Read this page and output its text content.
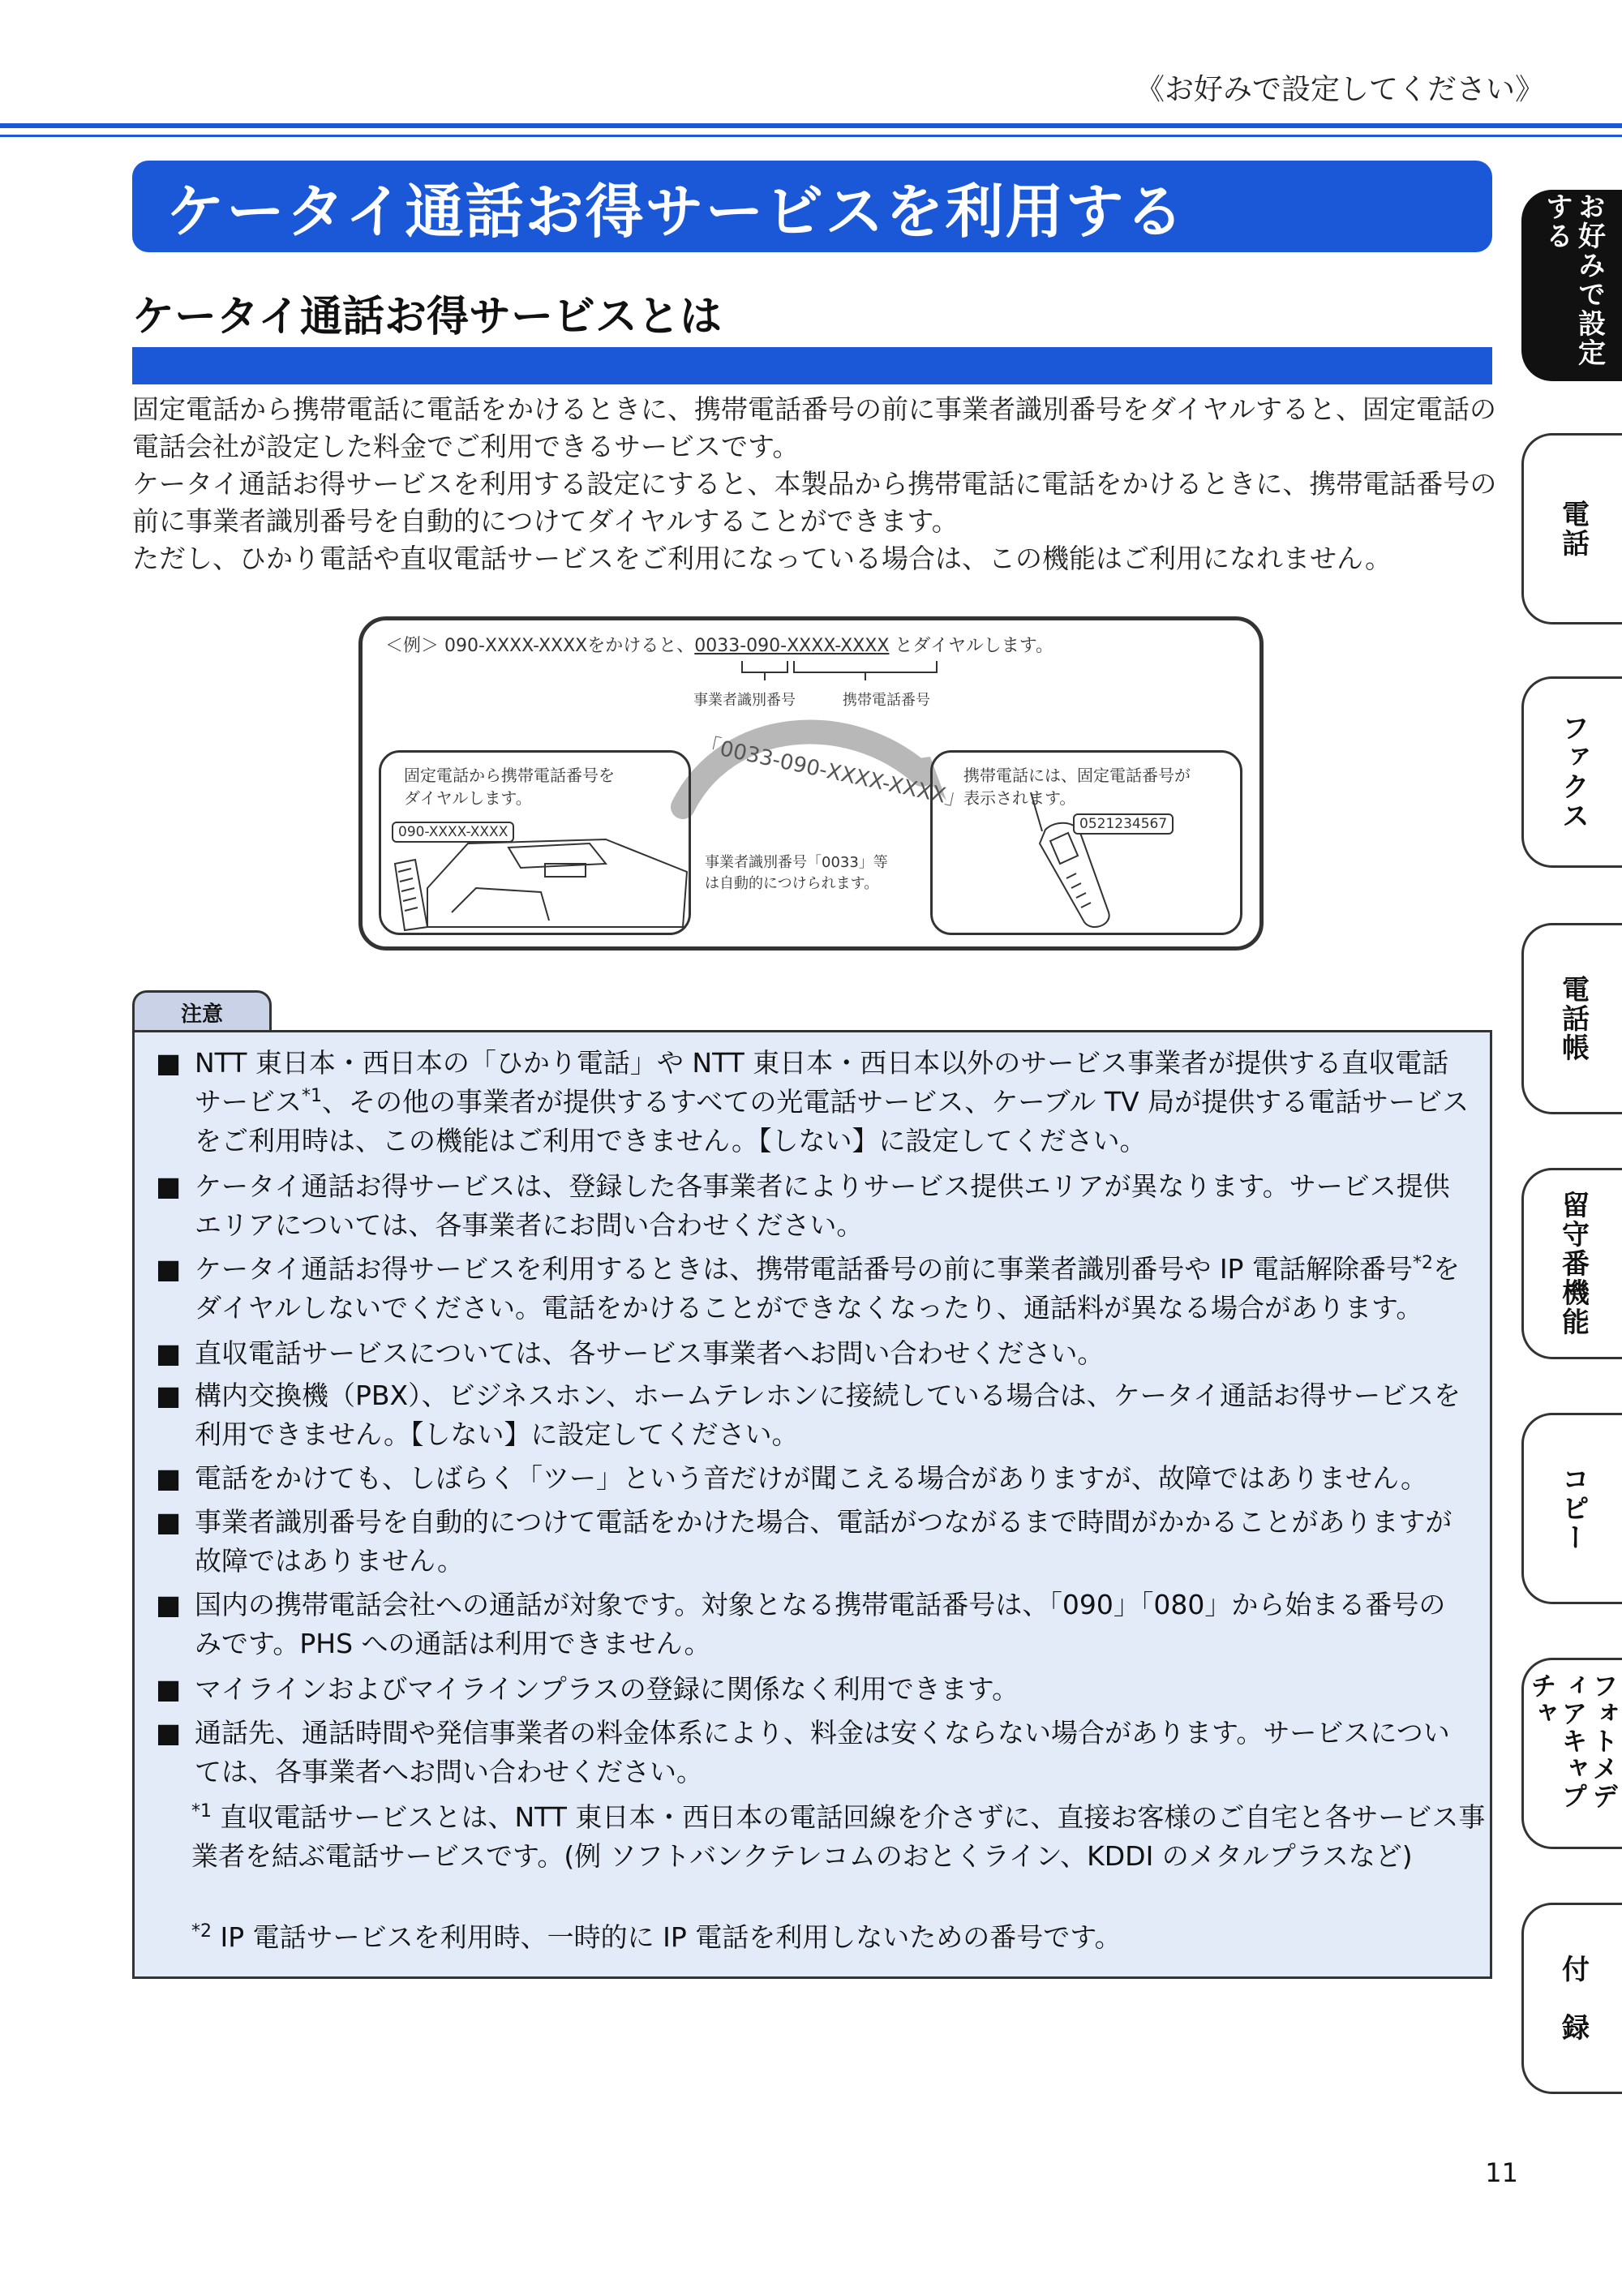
《お好みで設定してください》
ケータイ通話お得サービスを利用する
ケータイ通話お得サービスとは

固定電話から携帯電話に電話をかけるときに、携帯電話番号の前に事業者識別番号をダイヤルすると、固定電話の電話会社が設定した料金でご利用できるサービスです。

ケータイ通話お得サービスを利用する設定にすると、本製品から携帯電話に電話をかけるときに、携帯電話番号の前に事業者識別番号を自動的につけてダイヤルすることができます。

ただし、ひかり電話や直収電話サービスをご利用になっている場合は、この機能はご利用になれません。

＜例＞ 090-XXXX-XXXXをかけると、0033-090-XXXX-XXXX とダイヤルします。
事業者識別番号	携帯電話番号
「0033-090-XXXX-XXXX」
固定電話から携帯電話番号を
ダイヤルします。
090-XXXX-XXXX
事業者識別番号「0033」等
は自動的につけられます。
携帯電話には、固定電話番号が
表示されます。
0521234567
注意
■ NTT 東日本・西日本の「ひかり電話」や NTT 東日本・西日本以外のサービス事業者が提供する直収電話サービス$^{*1}$、その他の事業者が提供するすべての光電話サービス、ケーブル TV 局が提供する電話サービスをご利用時は、この機能はご利用できません。【しない】に設定してください。
■ ケータイ通話お得サービスは、登録した各事業者によりサービス提供エリアが異なります。サービス提供エリアについては、各事業者にお問い合わせください。
■ ケータイ通話お得サービスを利用するときは、携帯電話番号の前に事業者識別番号や IP 電話解除番号$^{*2}$をダイヤルしないでください。電話をかけることができなくなったり、通話料が異なる場合があります。
■ 直収電話サービスについては、各サービス事業者へお問い合わせください。
■ 構内交換機（PBX）、ビジネスホン、ホームテレホンに接続している場合は、ケータイ通話お得サービスを利用できません。【しない】に設定してください。
■ 電話をかけても、しばらく「ツー」という音だけが聞こえる場合がありますが、故障ではありません。
■ 事業者識別番号を自動的につけて電話をかけた場合、電話がつながるまで時間がかかることがありますが故障ではありません。
■ 国内の携帯電話会社への通話が対象です。対象となる携帯電話番号は、「090」「080」から始まる番号のみです。PHS への通話は利用できません。
■ マイラインおよびマイラインプラスの登録に関係なく利用できます。
■ 通話先、通話時間や発信事業者の料金体系により、料金は安くならない場合があります。サービスについては、各事業者へお問い合わせください。
$^{*1}$ 直収電話サービスとは、NTT 東日本・西日本の電話回線を介さずに、直接お客様のご自宅と各サービス事業者を結ぶ電話サービスです。(例 ソフトバンクテレコムのおとくライン、KDDI のメタルプラスなど)
$^{*2}$ IP 電話サービスを利用時、一時的に IP 電話を利用しないための番号です。
お好みで設定する
電話
ファクス
電話帳
留守番機能
コピー
フォトメディアキャプチャ
付　録
11
